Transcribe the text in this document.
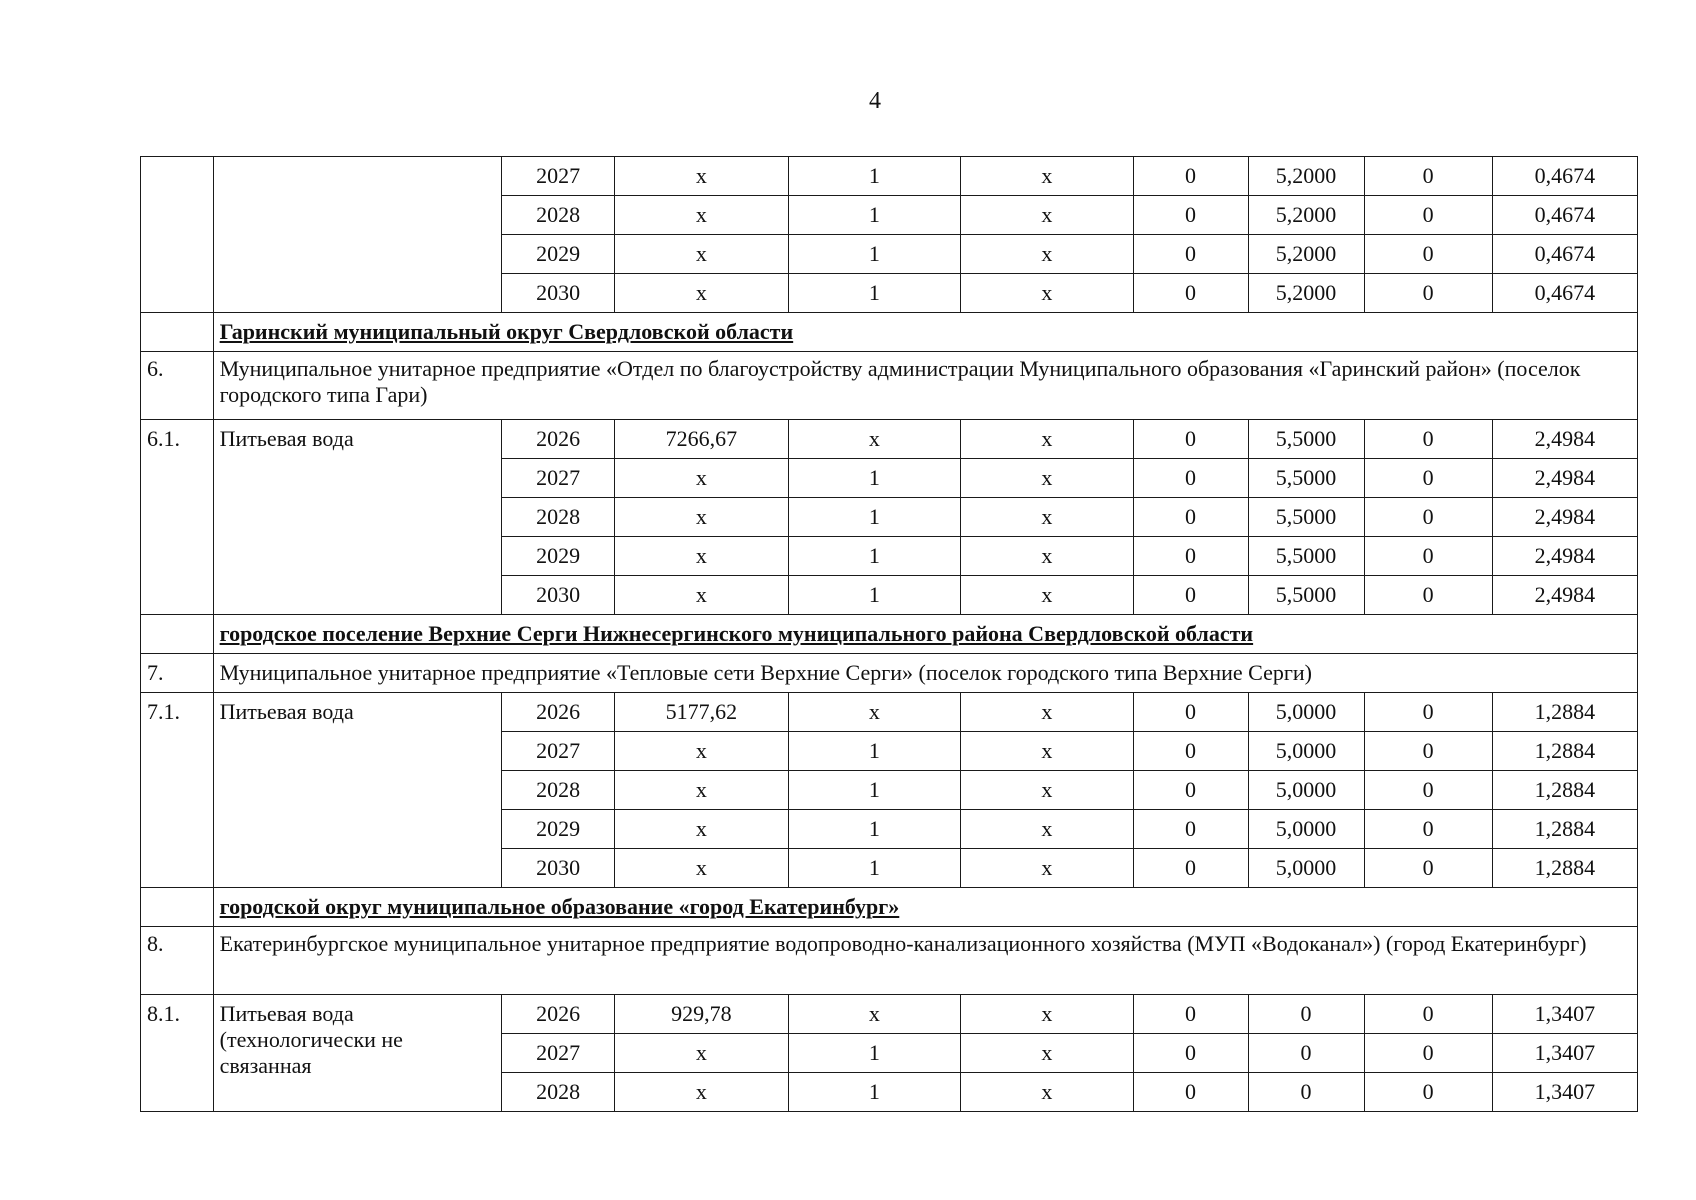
4
		2027	х	1	х	0	5,2000	0	0,4674
		2028	х	1	х	0	5,2000	0	0,4674
		2029	х	1	х	0	5,2000	0	0,4674
		2030	х	1	х	0	5,2000	0	0,4674
	Гаринский муниципальный округ Свердловской области								
6.	Муниципальное унитарное предприятие «Отдел по благоустройству администрации Муниципального образования «Гаринский район» (поселок городского типа Гари)								
6.1.	Питьевая вода	2026	7266,67	х	х	0	5,5000	0	2,4984
		2027	х	1	х	0	5,5000	0	2,4984
		2028	х	1	х	0	5,5000	0	2,4984
		2029	х	1	х	0	5,5000	0	2,4984
		2030	х	1	х	0	5,5000	0	2,4984
	городское поселение Верхние Серги Нижнесергинского муниципального района Свердловской области								
7.	Муниципальное унитарное предприятие «Тепловые сети Верхние Серги» (поселок городского типа Верхние Серги)								
7.1.	Питьевая вода	2026	5177,62	х	х	0	5,0000	0	1,2884
		2027	х	1	х	0	5,0000	0	1,2884
		2028	х	1	х	0	5,0000	0	1,2884
		2029	х	1	х	0	5,0000	0	1,2884
		2030	х	1	х	0	5,0000	0	1,2884
	городской округ муниципальное образование «город Екатеринбург»								
8.	Екатеринбургское муниципальное унитарное предприятие водопроводно-канализационного хозяйства (МУП «Водоканал») (город Екатеринбург)								
8.1.	Питьевая вода (технологически не связанная	2026	929,78	х	х	0	0	0	1,3407
		2027	х	1	х	0	0	0	1,3407
		2028	х	1	х	0	0	0	1,3407
